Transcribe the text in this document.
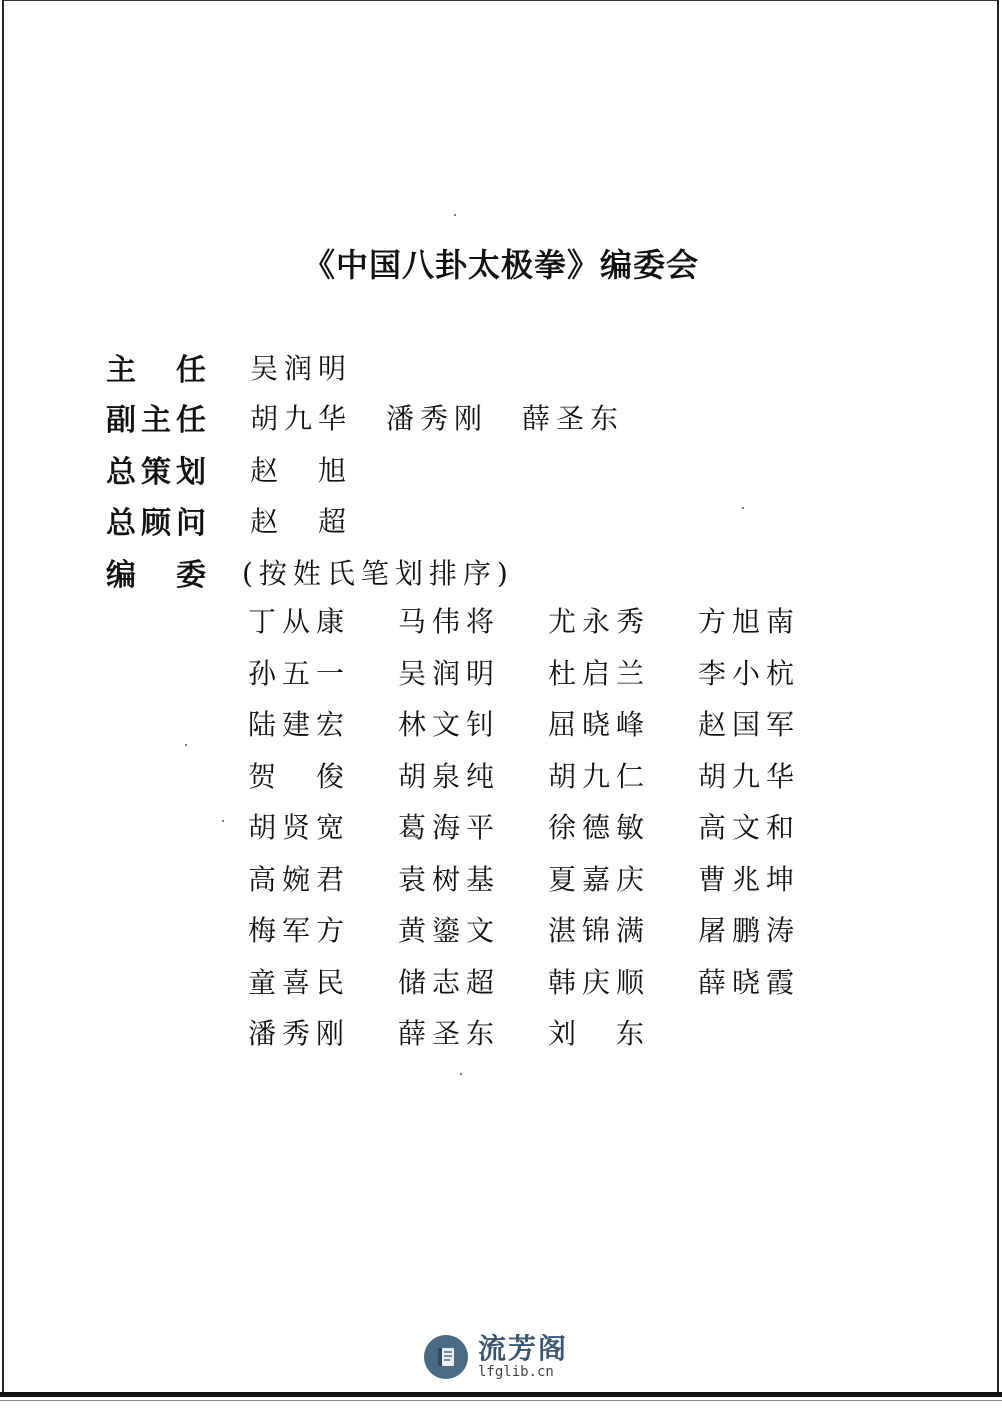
《中国八卦太极拳》编委会
主任 吴润明
副主任 胡九华　潘秀刚　薛圣东
总策划 赵　旭
总顾问 赵　超
编委 (按姓氏笔划排序)
丁从康	马伟将	尤永秀	方旭南
孙五一	吴润明	杜启兰	李小杭
陆建宏	林文钊	屈晓峰	赵国军
贺　俊	胡泉纯	胡九仁	胡九华
胡贤宽	葛海平	徐德敏	高文和
高婉君	袁树基	夏嘉庆	曹兆坤
梅军方	黄鎏文	湛锦满	屠鹏涛
童喜民	储志超	韩庆顺	薛晓霞
潘秀刚	薛圣东	刘　东
流芳阁
lfglib.cn
